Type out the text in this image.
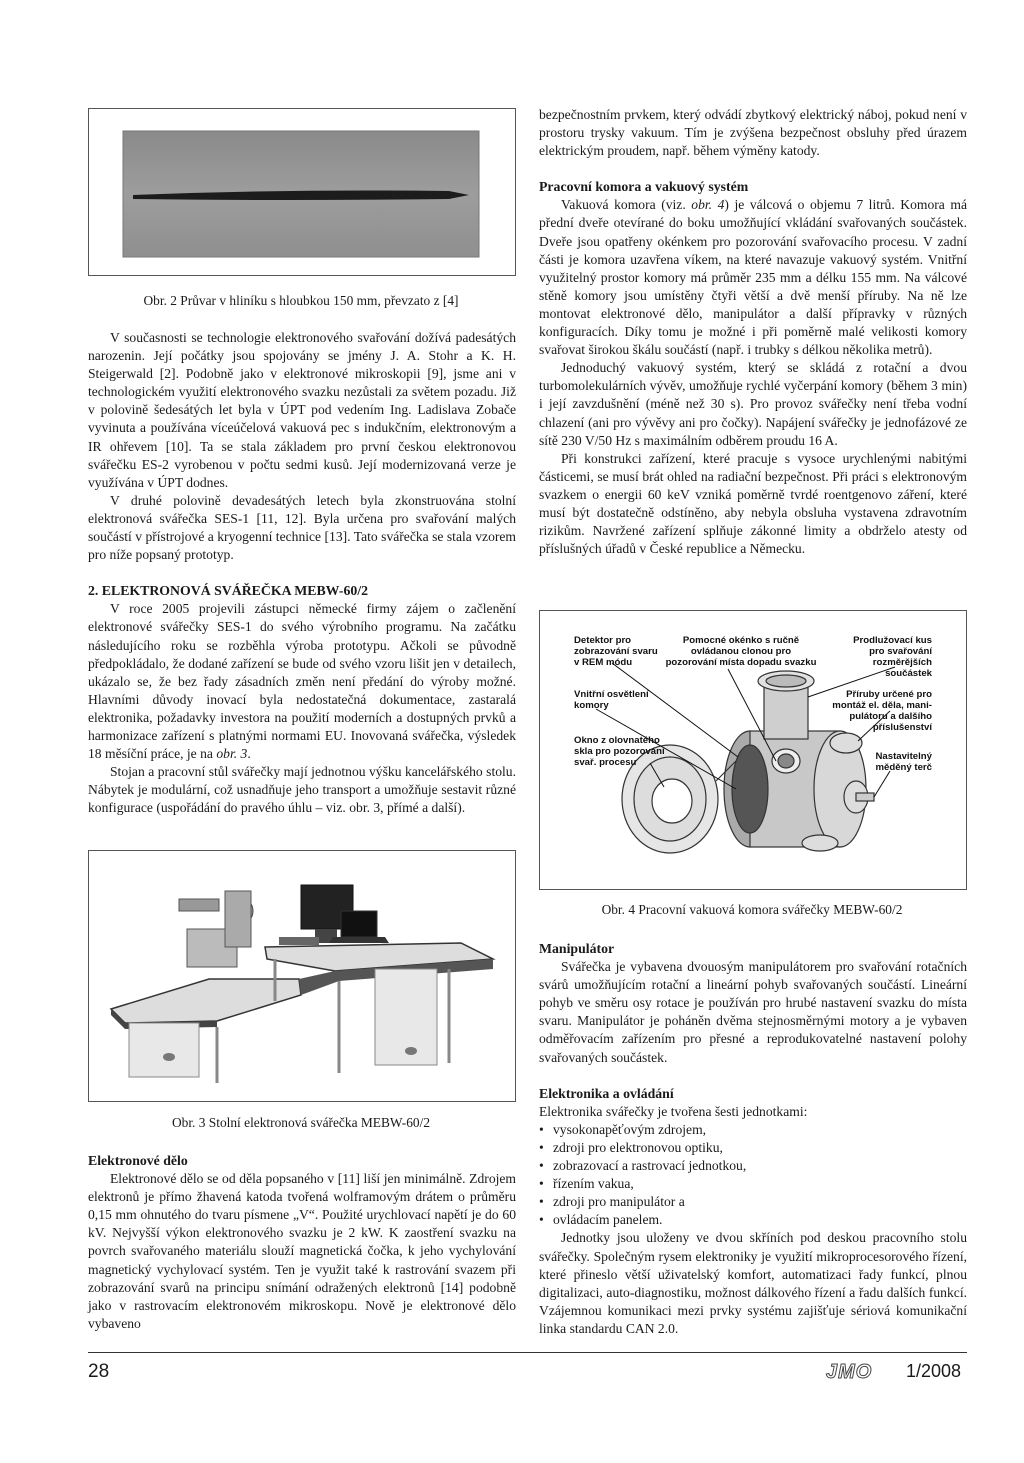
Obr. 2 Průvar v hliníku s hloubkou 150 mm, převzato z [4]

V současnosti se technologie elektronového svařování dožívá padesátých narozenin. Její počátky jsou spojovány se jmény J. A. Stohr a K. H. Steigerwald [2]. Podobně jako v elektronové mikroskopii [9], jsme ani v technologickém využití elektronového svazku nezůstali za světem pozadu. Již v polovině šedesátých let byla v ÚPT pod vedením Ing. Ladislava Zobače vyvinuta a používána víceúčelová vakuová pec s indukčním, elektronovým a IR ohřevem [10]. Ta se stala základem pro první českou elektronovou svářečku ES-2 vyrobenou v počtu sedmi kusů. Její modernizovaná verze je využívána v ÚPT dodnes.

V druhé polovině devadesátých letech byla zkonstruována stolní elektronová svářečka SES-1 [11, 12]. Byla určena pro svařování malých součástí v přístrojové a kryogenní technice [13]. Tato svářečka se stala vzorem pro níže popsaný prototyp.

2. ELEKTRONOVÁ SVÁŘEČKA MEBW-60/2

V roce 2005 projevili zástupci německé firmy zájem o začlenění elektronové svářečky SES-1 do svého výrobního programu. Na začátku následujícího roku se rozběhla výroba prototypu. Ačkoli se původně předpokládalo, že dodané zařízení se bude od svého vzoru lišit jen v detailech, ukázalo se, že bez řady zásadních změn není předání do výroby možné. Hlavními důvody inovací byla nedostatečná dokumentace, zastaralá elektronika, požadavky investora na použití moderních a dostupných prvků a harmonizace zařízení s platnými normami EU. Inovovaná svářečka, výsledek 18 měsíční práce, je na obr. 3.

Stojan a pracovní stůl svářečky mají jednotnou výšku kancelářského stolu. Nábytek je modulární, což usnadňuje jeho transport a umožňuje sestavit různé konfigurace (uspořádání do pravého úhlu – viz. obr. 3, přímé a další).

Obr. 3 Stolní elektronová svářečka MEBW-60/2

Elektronové dělo

Elektronové dělo se od děla popsaného v [11] liší jen minimálně. Zdrojem elektronů je přímo žhavená katoda tvořená wolframovým drátem o průměru 0,15 mm ohnutého do tvaru písmene „V“. Použité urychlovací napětí je do 60 kV. Nejvyšší výkon elektronového svazku je 2 kW. K zaostření svazku na povrch svařovaného materiálu slouží magnetická čočka, k jeho vychylování magnetický vychylovací systém. Ten je využit také k rastrování svazem při zobrazování svarů na principu snímání odražených elektronů [14] podobně jako v rastrovacím elektronovém mikroskopu. Nově je elektronové dělo vybaveno

bezpečnostním prvkem, který odvádí zbytkový elektrický náboj, pokud není v prostoru trysky vakuum. Tím je zvýšena bezpečnost obsluhy před úrazem elektrickým proudem, např. během výměny katody.

Pracovní komora a vakuový systém

Vakuová komora (viz. obr. 4) je válcová o objemu 7 litrů. Komora má přední dveře otevírané do boku umožňující vkládání svařovaných součástek. Dveře jsou opatřeny okénkem pro pozorování svařovacího procesu. V zadní části je komora uzavřena víkem, na které navazuje vakuový systém. Vnitřní využitelný prostor komory má průměr 235 mm a délku 155 mm. Na válcové stěně komory jsou umístěny čtyři větší a dvě menší příruby. Na ně lze montovat elektronové dělo, manipulátor a další přípravky v různých konfiguracích. Díky tomu je možné i při poměrně malé velikosti komory svařovat širokou škálu součástí (např. i trubky s délkou několika metrů).

Jednoduchý vakuový systém, který se skládá z rotační a dvou turbomolekulárních vývěv, umožňuje rychlé vyčerpání komory (během 3 min) i její zavzdušnění (méně než 30 s). Pro provoz svářečky není třeba vodní chlazení (ani pro vývěvy ani pro čočky). Napájení svářečky je jednofázové ze sítě 230 V/50 Hz s maximálním odběrem proudu 16 A.

Při konstrukci zařízení, které pracuje s vysoce urychlenými nabitými částicemi, se musí brát ohled na radiační bezpečnost. Při práci s elektronovým svazkem o energii 60 keV vzniká poměrně tvrdé roentgenovo záření, které musí být dostatečně odstíněno, aby nebyla obsluha vystavena zdravotním rizikům. Navržené zařízení splňuje zákonné limity a obdrželo atesty od příslušných úřadů v České republice a Německu.

Detektor pro
zobrazování svaru
v REM módu
Pomocné okénko s ručně
ovládanou clonou pro
pozorování místa dopadu svazku
Prodlužovací kus
pro svařování
rozměrějších
součástek
Vnitřní osvětlení
komory
Příruby určené pro
montáž el. děla, mani-
pulátoru a dalšího
příslušenství
Okno z olovnatého
skla pro pozorování
svař. procesu
Nastavitelný
měděný terč
Obr. 4 Pracovní vakuová komora svářečky MEBW-60/2

Manipulátor

Svářečka je vybavena dvouosým manipulátorem pro svařování rotačních svárů umožňujícím rotační a lineární pohyb svařovaných součástí. Lineární pohyb ve směru osy rotace je používán pro hrubé nastavení svazku do místa svaru. Manipulátor je poháněn dvěma stejnosměrnými motory a je vybaven odměřovacím zařízením pro přesné a reprodukovatelné nastavení polohy svařovaných součástek.

Elektronika a ovládání

Elektronika svářečky je tvořena šesti jednotkami:

• vysokonapěťovým zdrojem,
• zdroji pro elektronovou optiku,
• zobrazovací a rastrovací jednotkou,
• řízením vakua,
• zdroji pro manipulátor a
• ovládacím panelem.

Jednotky jsou uloženy ve dvou skříních pod deskou pracovního stolu svářečky. Společným rysem elektroniky je využití mikroprocesorového řízení, které přineslo větší uživatelský komfort, automatizaci řady funkcí, plnou digitalizaci, auto-diagnostiku, možnost dálkového řízení a řadu dalších funkcí. Vzájemnou komunikaci mezi prvky systému zajišťuje sériová komunikační linka standardu CAN 2.0.

28	JMO 1/2008
